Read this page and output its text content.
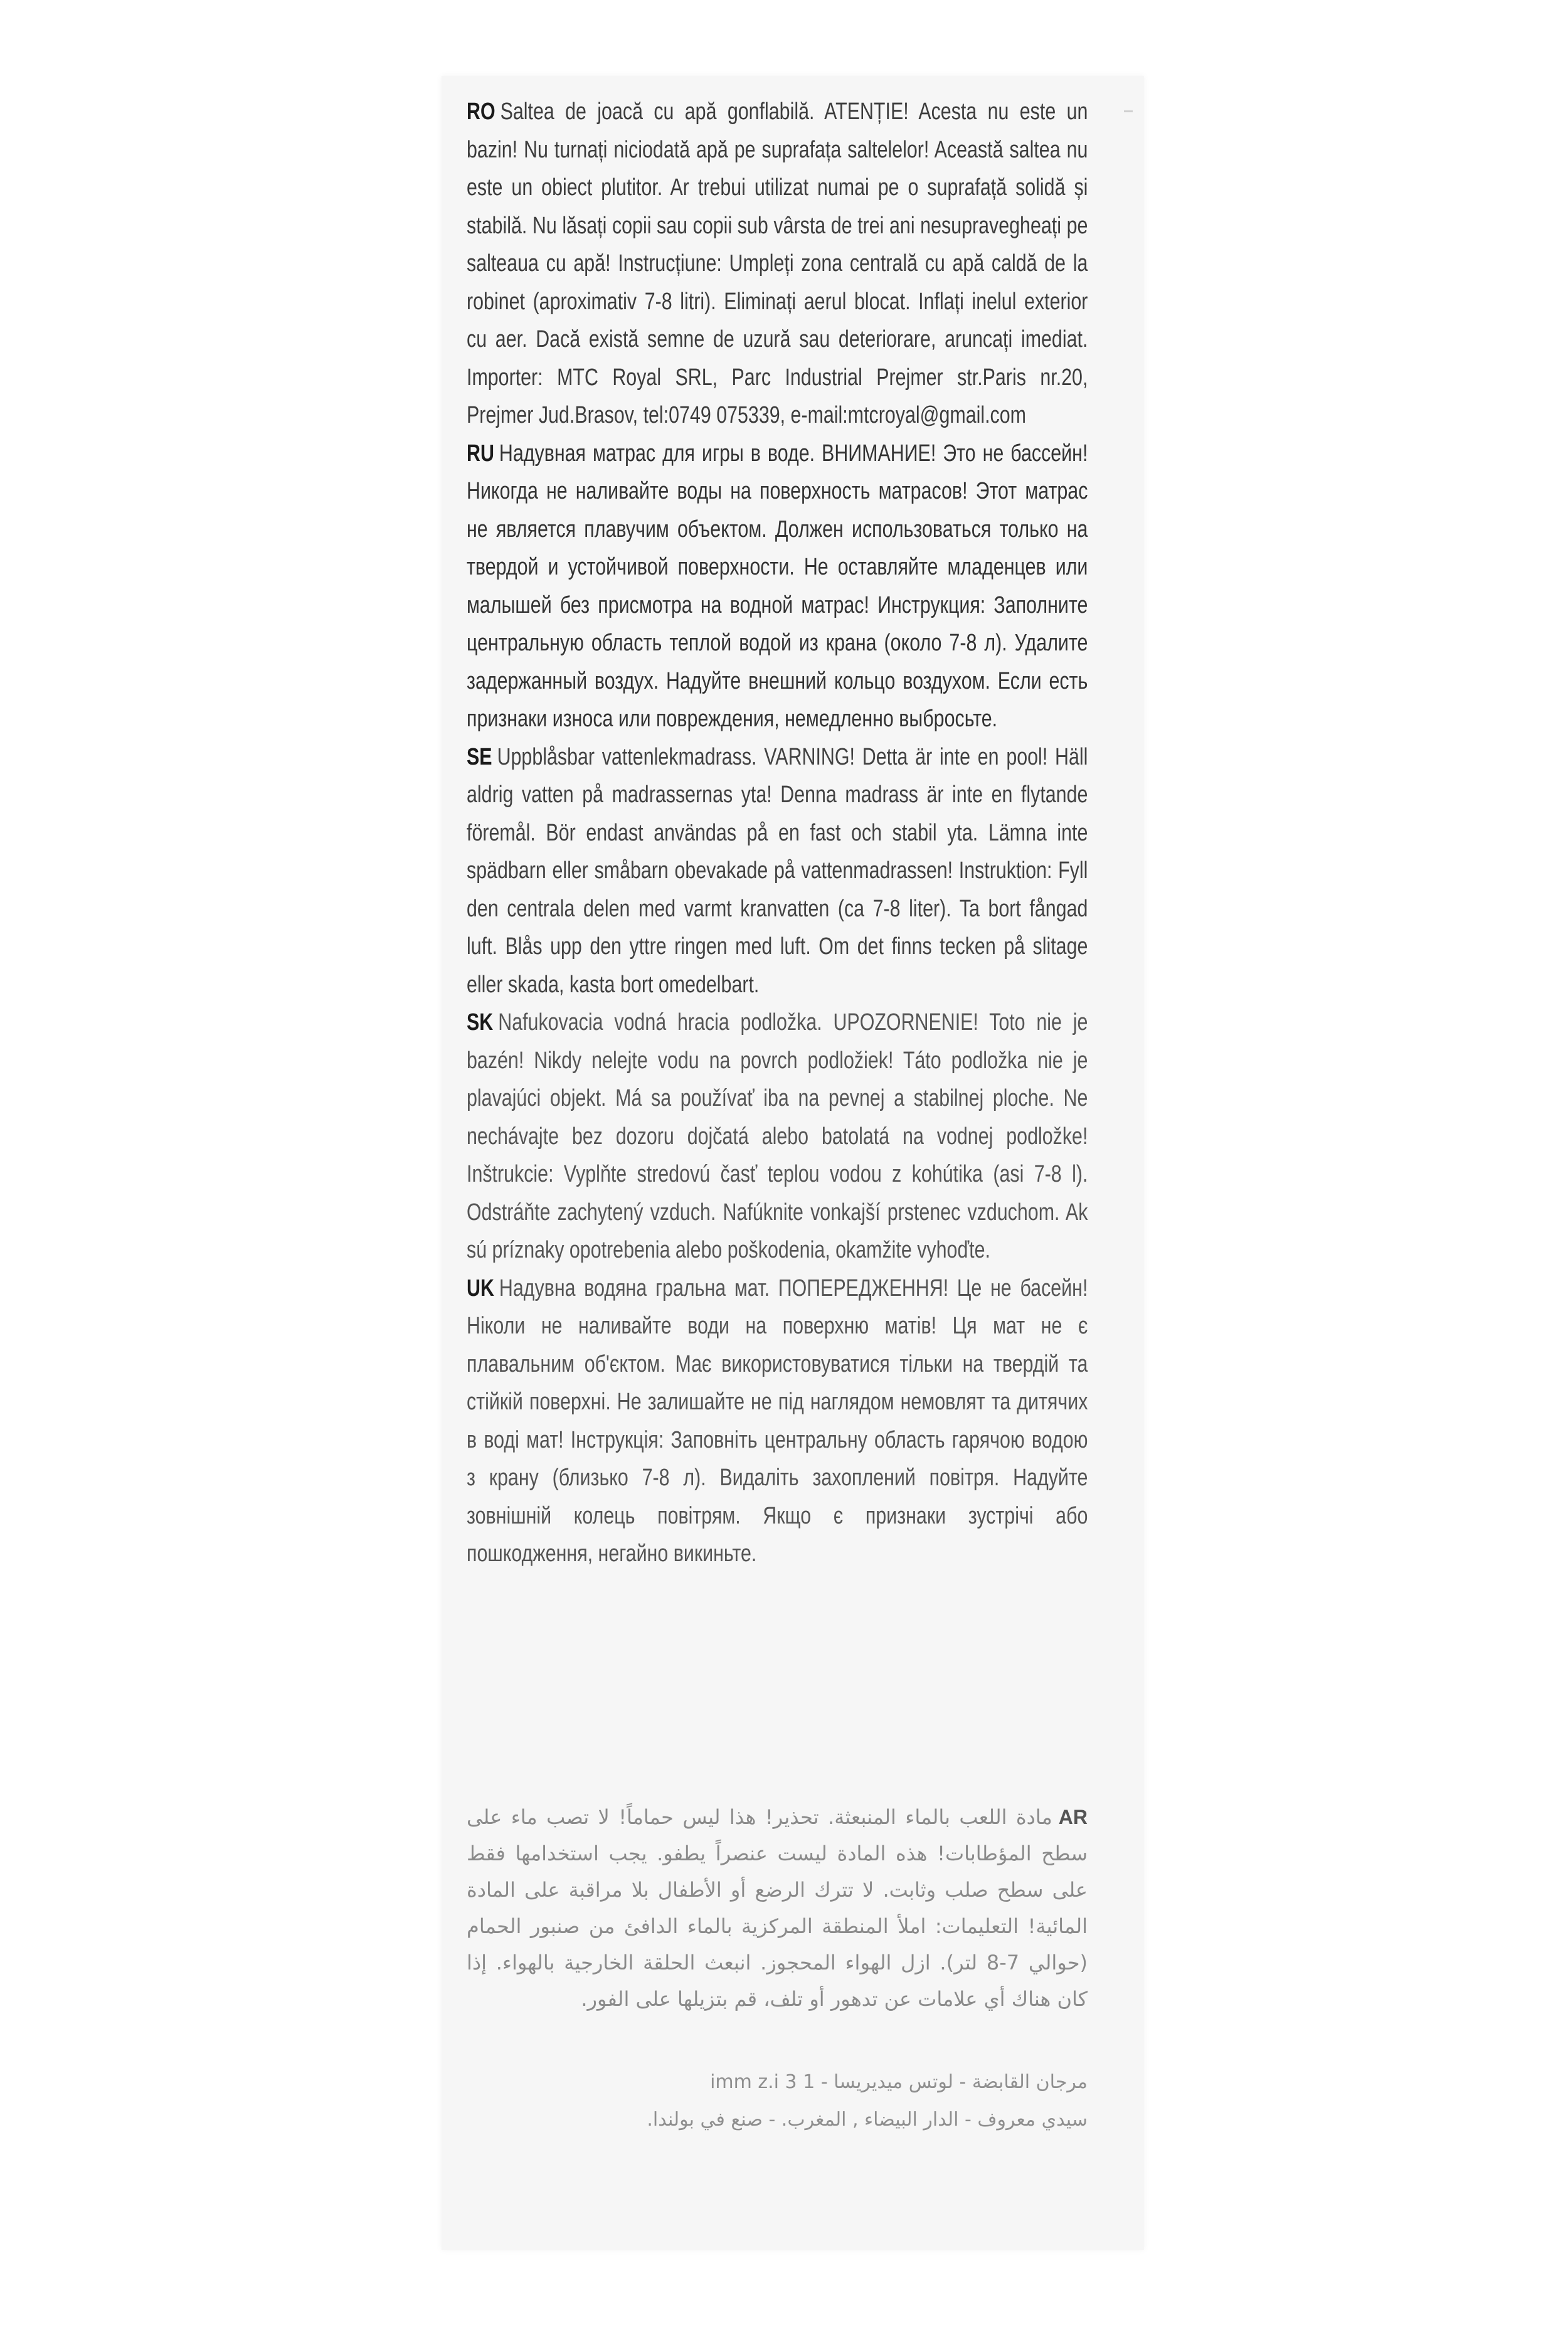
RO Saltea de joacă cu apă gonflabilă. ATENȚIE! Acesta nu este un bazin! Nu turnați niciodată apă pe suprafața saltelelor! Această saltea nu este un obiect plutitor. Ar trebui utilizat numai pe o suprafață solidă și stabilă. Nu lăsați copii sau copii sub vârsta de trei ani nesupravegheați pe salteaua cu apă! Instrucțiune: Umpleți zona centrală cu apă caldă de la robinet (aproximativ 7-8 litri). Eliminați aerul blocat. Inflați inelul exterior cu aer. Dacă există semne de uzură sau deteriorare, aruncați imediat. Importer: MTC Royal SRL, Parc Industrial Prejmer str.Paris nr.20, Prejmer Jud.Brasov, tel:0749 075339, e-mail:mtcroyal@gmail.com

RU Надувная матрас для игры в воде. ВНИМАНИЕ! Это не бассейн! Никогда не наливайте воды на поверхность матрасов! Этот матрас не является плавучим объектом. Должен использоваться только на твердой и устойчивой поверхности. Не оставляйте младенцев или малышей без присмотра на водной матрас! Инструкция: Заполните центральную область теплой водой из крана (около 7-8 л). Удалите задержанный воздух. Надуйте внешний кольцо воздухом. Если есть признаки износа или повреждения, немедленно выбросьте.

SE Uppblåsbar vattenlekmadrass. VARNING! Detta är inte en pool! Häll aldrig vatten på madrassernas yta! Denna madrass är inte en flytande föremål. Bör endast användas på en fast och stabil yta. Lämna inte spädbarn eller småbarn obevakade på vattenmadrassen! Instruktion: Fyll den centrala delen med varmt kranvatten (ca 7-8 liter). Ta bort fångad luft. Blås upp den yttre ringen med luft. Om det finns tecken på slitage eller skada, kasta bort omedelbart.

SK Nafukovacia vodná hracia podložka. UPOZORNENIE! Toto nie je bazén! Nikdy nelejte vodu na povrch podložiek! Táto podložka nie je plavajúci objekt. Má sa používať iba na pevnej a stabilnej ploche. Ne nechávajte bez dozoru dojčatá alebo batolatá na vodnej podložke! Inštrukcie: Vyplňte stredovú časť teplou vodou z kohútika (asi 7-8 l). Odstráňte zachytený vzduch. Nafúknite vonkajší prstenec vzduchom. Ak sú príznaky opotrebenia alebo poškodenia, okamžite vyhoďte.

UK Надувна водяна гральна мат. ПОПЕРЕДЖЕННЯ! Це не басейн! Ніколи не наливайте води на поверхню матів! Ця мат не є плавальним об'єктом. Має використовуватися тільки на твердій та стійкій поверхні. Не залишайте не під наглядом немовлят та дитячих в воді мат! Інструкція: Заповніть центральну область гарячою водою з крану (близько 7-8 л). Видаліть захоплений повітря. Надуйте зовнішній колець повітрям. Якщо є признаки зустрічі або пошкодження, негайно викиньте.

ARمادة اللعب بالماء المنبعثة. تحذير! هذا ليس حماماً! لا تصب ماء على سطح المؤطابات! هذه المادة ليست عنصراً يطفو. يجب استخدامها فقط على سطح صلب وثابت. لا تترك الرضع أو الأطفال بلا مراقبة على المادة المائية! التعليمات: املأ المنطقة المركزية بالماء الدافئ من صنبور الحمام (حوالي 7-8 لتر). ازل الهواء المحجوز. انبعث الحلقة الخارجية بالهواء. إذا كان هناك أي علامات عن تدهور أو تلف، قم بتزيلها على الفور.

مرجان القابضة - لوتس ميديريسا - 1 imm z.i 3
سيدي معروف - الدار البيضاء , المغرب. - صنع في بولندا.
